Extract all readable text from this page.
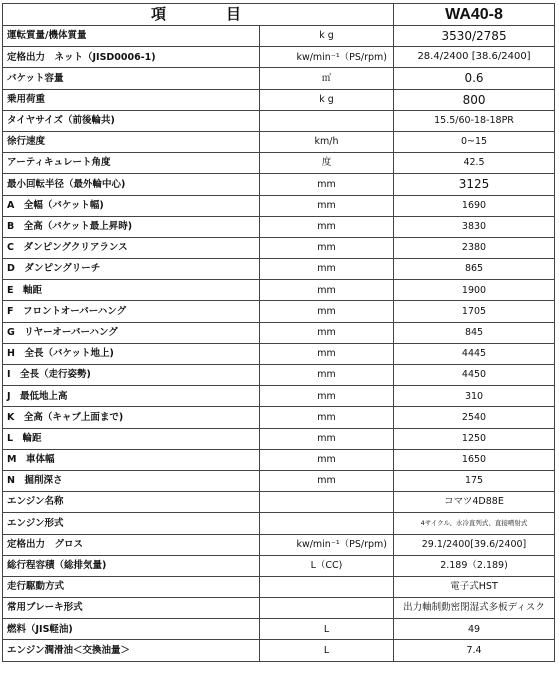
項目		WA40-8
運転質量/機体質量	k g	3530/2785
定格出力　ネット（JISD0006-1)	kw/min⁻¹（PS/rpm)	28.4/2400 [38.6/2400]
バケット容量	㎥	0.6
乗用荷重	k g	800
タイヤサイズ（前後輪共)		15.5/60-18-18PR
徐行速度	km/h	0~15
アーティキュレート角度	度	42.5
最小回転半径（最外輪中心)	mm	3125
A　全幅（バケット幅)	mm	1690
B　全高（バケット最上昇時)	mm	3830
C　ダンピングクリアランス	mm	2380
D　ダンピングリーチ	mm	865
E　軸距	mm	1900
F　フロントオーバーハング	mm	1705
G　リヤーオーバーハング	mm	845
H　全長（バケット地上)	mm	4445
I　全長（走行姿勢)	mm	4450
J　最低地上高	mm	310
K　全高（キャブ上面まで)	mm	2540
L　輪距	mm	1250
M　車体幅	mm	1650
N　掘削深さ	mm	175
エンジン名称		コマツ4D88E
エンジン形式		4サイクル、水冷直列式、直接噴射式
定格出力　グロス	kw/min⁻¹（PS/rpm)	29.1/2400[39.6/2400]
総行程容積（総排気量)	L（CC)	2.189（2.189)
走行駆動方式		電子式HST
常用ブレーキ形式		出力軸制動密閉湿式多板ディスク
燃料（JIS軽油)	L	49
エンジン潤滑油＜交換油量＞	L	7.4
